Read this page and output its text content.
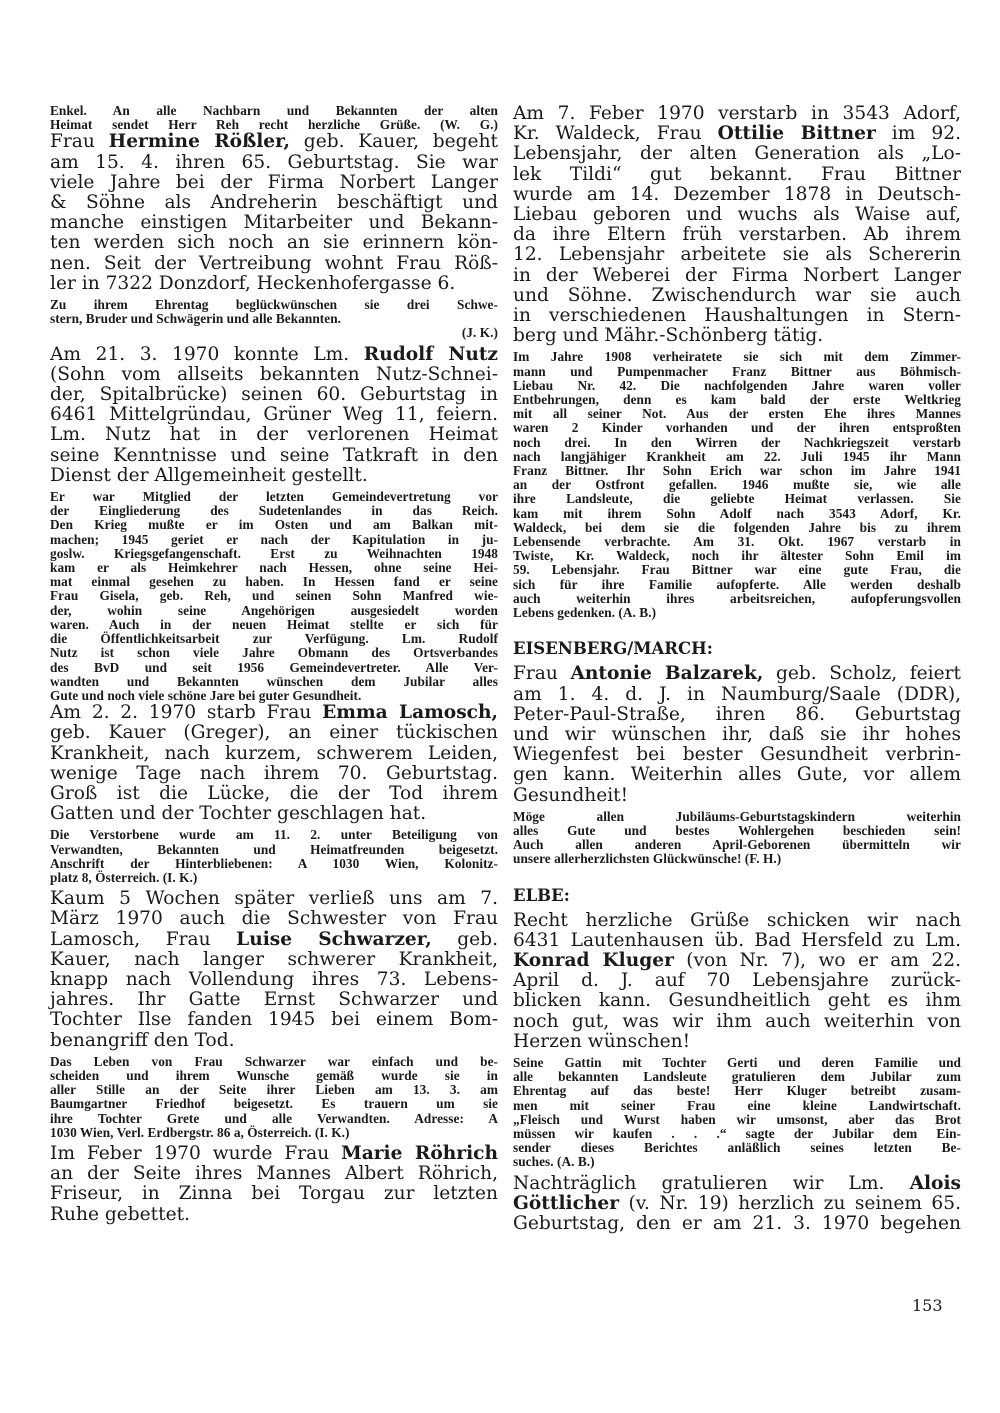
Enkel. An alle Nachbarn und Bekannten der alten
Heimat sendet Herr Reh recht herzliche Grüße. (W. G.)
Frau Hermine Rößler, geb. Kauer, begeht
am 15. 4. ihren 65. Geburtstag. Sie war
viele Jahre bei der Firma Norbert Langer
& Söhne als Andreherin beschäftigt und
manche einstigen Mitarbeiter und Bekann-
ten werden sich noch an sie erinnern kön-
nen. Seit der Vertreibung wohnt Frau Röß-
ler in 7322 Donzdorf, Heckenhofergasse 6.
Zu ihrem Ehrentag beglückwünschen sie drei Schwe-
stern, Bruder und Schwägerin und alle Bekannten.
(J. K.)
Am 21. 3. 1970 konnte Lm. Rudolf Nutz
(Sohn vom allseits bekannten Nutz-Schnei-
der, Spitalbrücke) seinen 60. Geburtstag in
6461 Mittelgründau, Grüner Weg 11, feiern.
Lm. Nutz hat in der verlorenen Heimat
seine Kenntnisse und seine Tatkraft in den
Dienst der Allgemeinheit gestellt.
Er war Mitglied der letzten Gemeindevertretung vor
der Eingliederung des Sudetenlandes in das Reich.
Den Krieg mußte er im Osten und am Balkan mit-
machen; 1945 geriet er nach der Kapitulation in ju-
goslw. Kriegsgefangenschaft. Erst zu Weihnachten 1948
kam er als Heimkehrer nach Hessen, ohne seine Hei-
mat einmal gesehen zu haben. In Hessen fand er seine
Frau Gisela, geb. Reh, und seinen Sohn Manfred wie-
der, wohin seine Angehörigen ausgesiedelt worden
waren. Auch in der neuen Heimat stellte er sich für
die Öffentlichkeitsarbeit zur Verfügung. Lm. Rudolf
Nutz ist schon viele Jahre Obmann des Ortsverbandes
des BvD und seit 1956 Gemeindevertreter. Alle Ver-
wandten und Bekannten wünschen dem Jubilar alles
Gute und noch viele schöne Jare bei guter Gesundheit.
Am 2. 2. 1970 starb Frau Emma Lamosch,
geb. Kauer (Greger), an einer tückischen
Krankheit, nach kurzem, schwerem Leiden,
wenige Tage nach ihrem 70. Geburtstag.
Groß ist die Lücke, die der Tod ihrem
Gatten und der Tochter geschlagen hat.
Die Verstorbene wurde am 11. 2. unter Beteiligung von
Verwandten, Bekannten und Heimatfreunden beigesetzt.
Anschrift der Hinterbliebenen: A 1030 Wien, Kolonitz-
platz 8, Österreich. (I. K.)
Kaum 5 Wochen später verließ uns am 7.
März 1970 auch die Schwester von Frau
Lamosch, Frau Luise Schwarzer, geb.
Kauer, nach langer schwerer Krankheit,
knapp nach Vollendung ihres 73. Lebens-
jahres. Ihr Gatte Ernst Schwarzer und
Tochter Ilse fanden 1945 bei einem Bom-
benangriff den Tod.
Das Leben von Frau Schwarzer war einfach und be-
scheiden und ihrem Wunsche gemäß wurde sie in
aller Stille an der Seite ihrer Lieben am 13. 3. am
Baumgartner Friedhof beigesetzt. Es trauern um sie
ihre Tochter Grete und alle Verwandten. Adresse: A
1030 Wien, Verl. Erdbergstr. 86 a, Österreich. (I. K.)
Im Feber 1970 wurde Frau Marie Röhrich
an der Seite ihres Mannes Albert Röhrich,
Friseur, in Zinna bei Torgau zur letzten
Ruhe gebettet.
Am 7. Feber 1970 verstarb in 3543 Adorf,
Kr. Waldeck, Frau Ottilie Bittner im 92.
Lebensjahr, der alten Generation als „Lo-
lek Tildi“ gut bekannt. Frau Bittner
wurde am 14. Dezember 1878 in Deutsch-
Liebau geboren und wuchs als Waise auf,
da ihre Eltern früh verstarben. Ab ihrem
12. Lebensjahr arbeitete sie als Schererin
in der Weberei der Firma Norbert Langer
und Söhne. Zwischendurch war sie auch
in verschiedenen Haushaltungen in Stern-
berg und Mähr.-Schönberg tätig.
Im Jahre 1908 verheiratete sie sich mit dem Zimmer-
mann und Pumpenmacher Franz Bittner aus Böhmisch-
Liebau Nr. 42. Die nachfolgenden Jahre waren voller
Entbehrungen, denn es kam bald der erste Weltkrieg
mit all seiner Not. Aus der ersten Ehe ihres Mannes
waren 2 Kinder vorhanden und der ihren entsproßten
noch drei. In den Wirren der Nachkriegszeit verstarb
nach langjähiger Krankheit am 22. Juli 1945 ihr Mann
Franz Bittner. Ihr Sohn Erich war schon im Jahre 1941
an der Ostfront gefallen. 1946 mußte sie, wie alle
ihre Landsleute, die geliebte Heimat verlassen. Sie
kam mit ihrem Sohn Adolf nach 3543 Adorf, Kr.
Waldeck, bei dem sie die folgenden Jahre bis zu ihrem
Lebensende verbrachte. Am 31. Okt. 1967 verstarb in
Twiste, Kr. Waldeck, noch ihr ältester Sohn Emil im
59. Lebensjahr. Frau Bittner war eine gute Frau, die
sich für ihre Familie aufopferte. Alle werden deshalb
auch weiterhin ihres arbeitsreichen, aufopferungsvollen
Lebens gedenken. (A. B.)
EISENBERG/MARCH:
Frau Antonie Balzarek, geb. Scholz, feiert
am 1. 4. d. J. in Naumburg/Saale (DDR),
Peter-Paul-Straße, ihren 86. Geburtstag
und wir wünschen ihr, daß sie ihr hohes
Wiegenfest bei bester Gesundheit verbrin-
gen kann. Weiterhin alles Gute, vor allem
Gesundheit!
Möge allen Jubiläums-Geburtstagskindern weiterhin
alles Gute und bestes Wohlergehen beschieden sein!
Auch allen anderen April-Geborenen übermitteln wir
unsere allerherzlichsten Glückwünsche! (F. H.)
ELBE:
Recht herzliche Grüße schicken wir nach
6431 Lautenhausen üb. Bad Hersfeld zu Lm.
Konrad Kluger (von Nr. 7), wo er am 22.
April d. J. auf 70 Lebensjahre zurück-
blicken kann. Gesundheitlich geht es ihm
noch gut, was wir ihm auch weiterhin von
Herzen wünschen!
Seine Gattin mit Tochter Gerti und deren Familie und
alle bekannten Landsleute gratulieren dem Jubilar zum
Ehrentag auf das beste! Herr Kluger betreibt zusam-
men mit seiner Frau eine kleine Landwirtschaft.
„Fleisch und Wurst haben wir umsonst, aber das Brot
müssen wir kaufen . . .“ sagte der Jubilar dem Ein-
sender dieses Berichtes anläßlich seines letzten Be-
suches. (A. B.)
Nachträglich gratulieren wir Lm. Alois
Göttlicher (v. Nr. 19) herzlich zu seinem 65.
Geburtstag, den er am 21. 3. 1970 begehen
153
